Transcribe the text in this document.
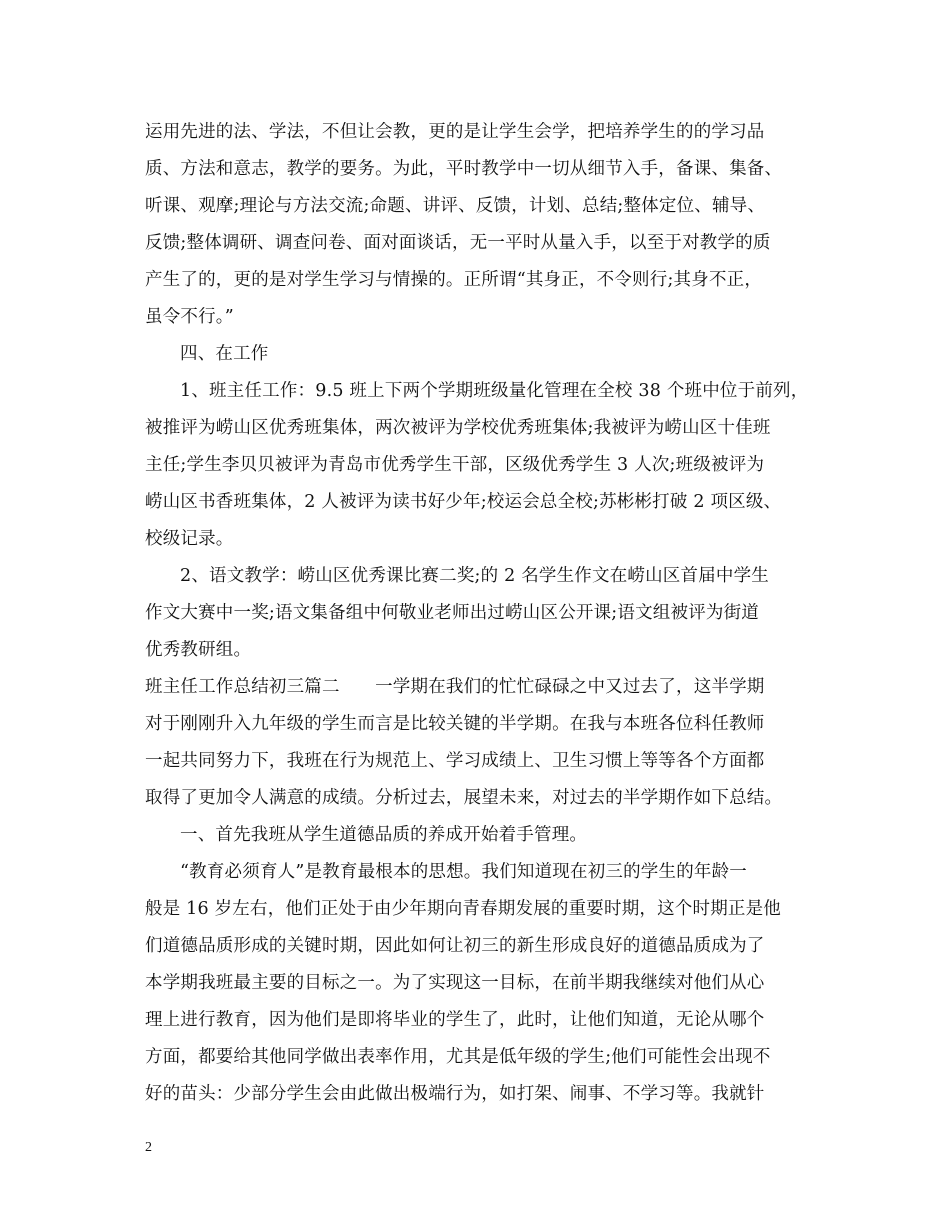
运用先进的法、学法，不但让会教，更的是让学生会学，把培养学生的的学习品
质、方法和意志，教学的要务。为此，平时教学中一切从细节入手，备课、集备、
听课、观摩;理论与方法交流;命题、讲评、反馈，计划、总结;整体定位、辅导、
反馈;整体调研、调查问卷、面对面谈话，无一平时从量入手，以至于对教学的质
产生了的，更的是对学生学习与情操的。正所谓“其身正，不令则行;其身不正，
虽令不行。”
四、在工作
1、班主任工作：9.5 班上下两个学期班级量化管理在全校 38 个班中位于前列，
被推评为崂山区优秀班集体，两次被评为学校优秀班集体;我被评为崂山区十佳班
主任;学生李贝贝被评为青岛市优秀学生干部，区级优秀学生 3 人次;班级被评为
崂山区书香班集体，2 人被评为读书好少年;校运会总全校;苏彬彬打破 2 项区级、
校级记录。
2、语文教学：崂山区优秀课比赛二奖;的 2 名学生作文在崂山区首届中学生
作文大赛中一奖;语文集备组中何敬业老师出过崂山区公开课;语文组被评为街道
优秀教研组。
班主任工作总结初三篇二　　一学期在我们的忙忙碌碌之中又过去了，这半学期
对于刚刚升入九年级的学生而言是比较关键的半学期。在我与本班各位科任教师
一起共同努力下，我班在行为规范上、学习成绩上、卫生习惯上等等各个方面都
取得了更加令人满意的成绩。分析过去，展望未来，对过去的半学期作如下总结。
一、首先我班从学生道德品质的养成开始着手管理。
“教育必须育人”是教育最根本的思想。我们知道现在初三的学生的年龄一
般是 16 岁左右，他们正处于由少年期向青春期发展的重要时期，这个时期正是他
们道德品质形成的关键时期，因此如何让初三的新生形成良好的道德品质成为了
本学期我班最主要的目标之一。为了实现这一目标，在前半期我继续对他们从心
理上进行教育，因为他们是即将毕业的学生了，此时，让他们知道，无论从哪个
方面，都要给其他同学做出表率作用，尤其是低年级的学生;他们可能性会出现不
好的苗头：少部分学生会由此做出极端行为，如打架、闹事、不学习等。我就针
2
